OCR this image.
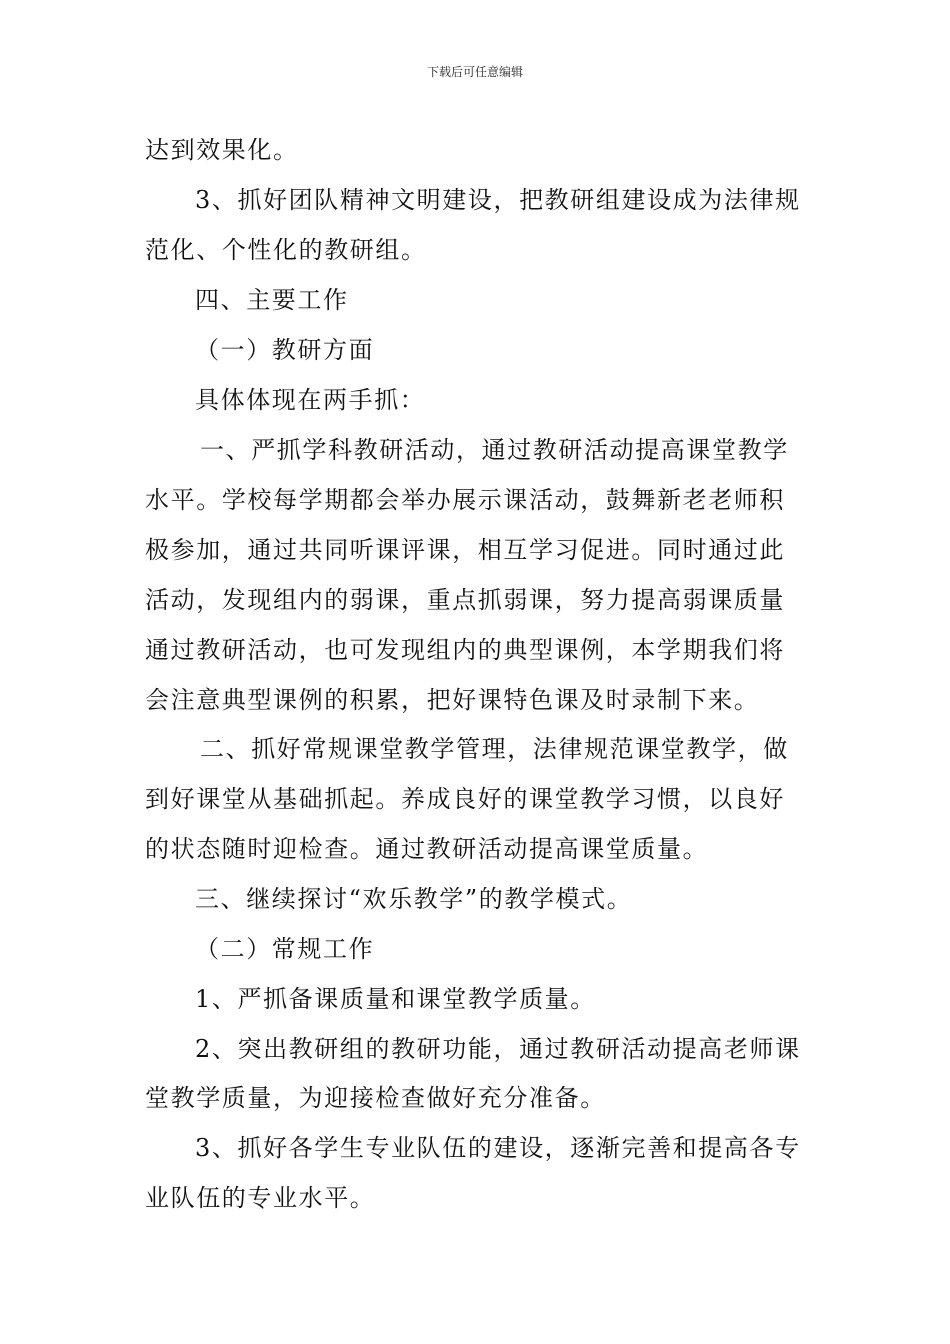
下载后可任意编辑
达到效果化。
3、抓好团队精神文明建设，把教研组建设成为法律规
范化、个性化的教研组。
四、主要工作
（一）教研方面
具体体现在两手抓：
一、严抓学科教研活动，通过教研活动提高课堂教学
水平。学校每学期都会举办展示课活动，鼓舞新老老师积
极参加，通过共同听课评课，相互学习促进。同时通过此
活动，发现组内的弱课，重点抓弱课，努力提高弱课质量
通过教研活动，也可发现组内的典型课例，本学期我们将
会注意典型课例的积累，把好课特色课及时录制下来。
二、抓好常规课堂教学管理，法律规范课堂教学，做
到好课堂从基础抓起。养成良好的课堂教学习惯，以良好
的状态随时迎检查。通过教研活动提高课堂质量。
三、继续探讨“欢乐教学”的教学模式。
（二）常规工作
1、严抓备课质量和课堂教学质量。
2、突出教研组的教研功能，通过教研活动提高老师课
堂教学质量，为迎接检查做好充分准备。
3、抓好各学生专业队伍的建设，逐渐完善和提高各专
业队伍的专业水平。
